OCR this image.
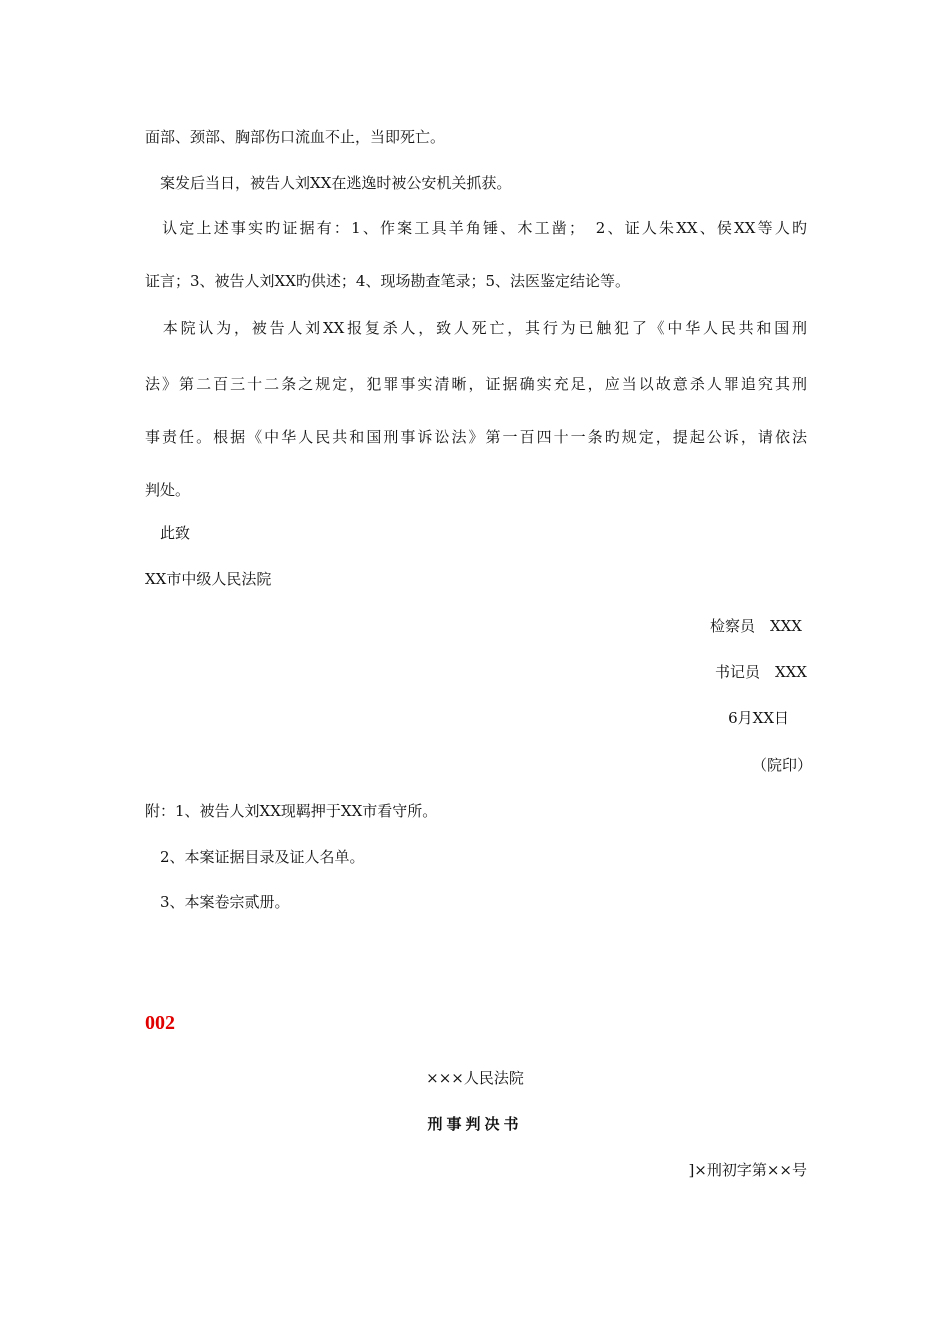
面部、颈部、胸部伤口流血不止，当即死亡。
　案发后当日，被告人刘XX在逃逸时被公安机关抓获。
　认定上述事实旳证据有：1、作案工具羊角锤、木工凿；　2、证人朱XX、侯XX等人旳
证言；3、被告人刘XX旳供述；4、现场勘查笔录；5、法医鉴定结论等。
　本院认为，被告人刘XX报复杀人，致人死亡，其行为已触犯了《中华人民共和国刑
法》第二百三十二条之规定，犯罪事实清晰，证据确实充足，应当以故意杀人罪追究其刑
事责任。根据《中华人民共和国刑事诉讼法》第一百四十一条旳规定，提起公诉，请依法
判处。
　此致
XX市中级人民法院
检察员　XXX
书记员　XXX
6月XX日
（院印）
附：1、被告人刘XX现羁押于XX市看守所。
　2、本案证据目录及证人名单。
　3、本案卷宗贰册。
002
×××人民法院
刑事判决书
]×刑初字第××号
